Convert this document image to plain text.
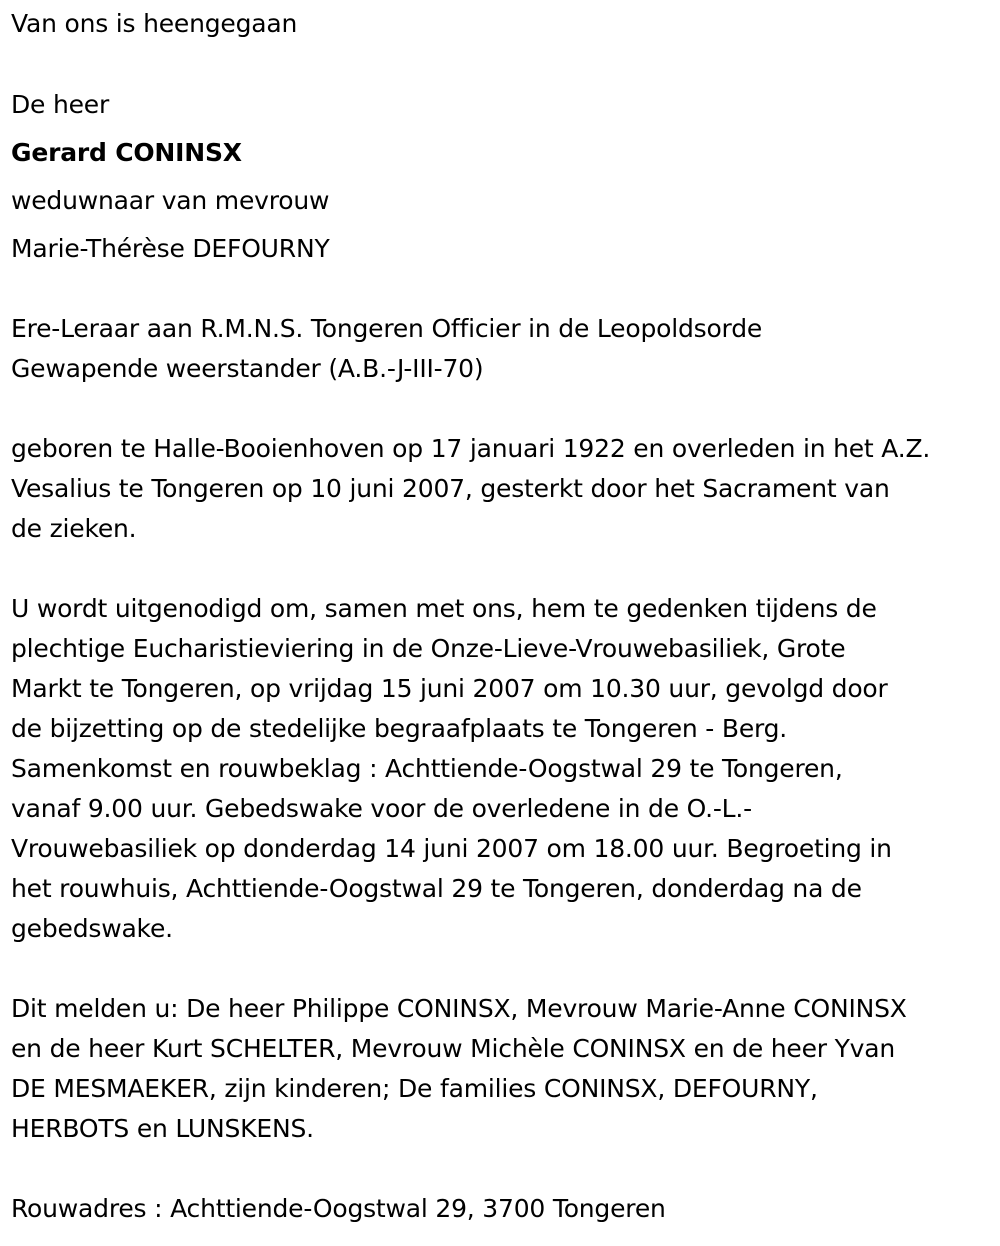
Van ons is heengegaan
De heer
Gerard CONINSX
weduwnaar van mevrouw
Marie-Thérèse DEFOURNY
Ere-Leraar aan R.M.N.S. Tongeren Officier in de Leopoldsorde
Gewapende weerstander (A.B.-J-III-70)
geboren te Halle-Booienhoven op 17 januari 1922 en overleden in het A.Z.
Vesalius te Tongeren op 10 juni 2007, gesterkt door het Sacrament van
de zieken.
U wordt uitgenodigd om, samen met ons, hem te gedenken tijdens de
plechtige Eucharistieviering in de Onze-Lieve-Vrouwebasiliek, Grote
Markt te Tongeren, op vrijdag 15 juni 2007 om 10.30 uur, gevolgd door
de bijzetting op de stedelijke begraafplaats te Tongeren - Berg.
Samenkomst en rouwbeklag : Achttiende-Oogstwal 29 te Tongeren,
vanaf 9.00 uur. Gebedswake voor de overledene in de O.-L.-
Vrouwebasiliek op donderdag 14 juni 2007 om 18.00 uur. Begroeting in
het rouwhuis, Achttiende-Oogstwal 29 te Tongeren, donderdag na de
gebedswake.
Dit melden u: De heer Philippe CONINSX, Mevrouw Marie-Anne CONINSX
en de heer Kurt SCHELTER, Mevrouw Michèle CONINSX en de heer Yvan
DE MESMAEKER, zijn kinderen; De families CONINSX, DEFOURNY,
HERBOTS en LUNSKENS.
Rouwadres : Achttiende-Oogstwal 29, 3700 Tongeren
